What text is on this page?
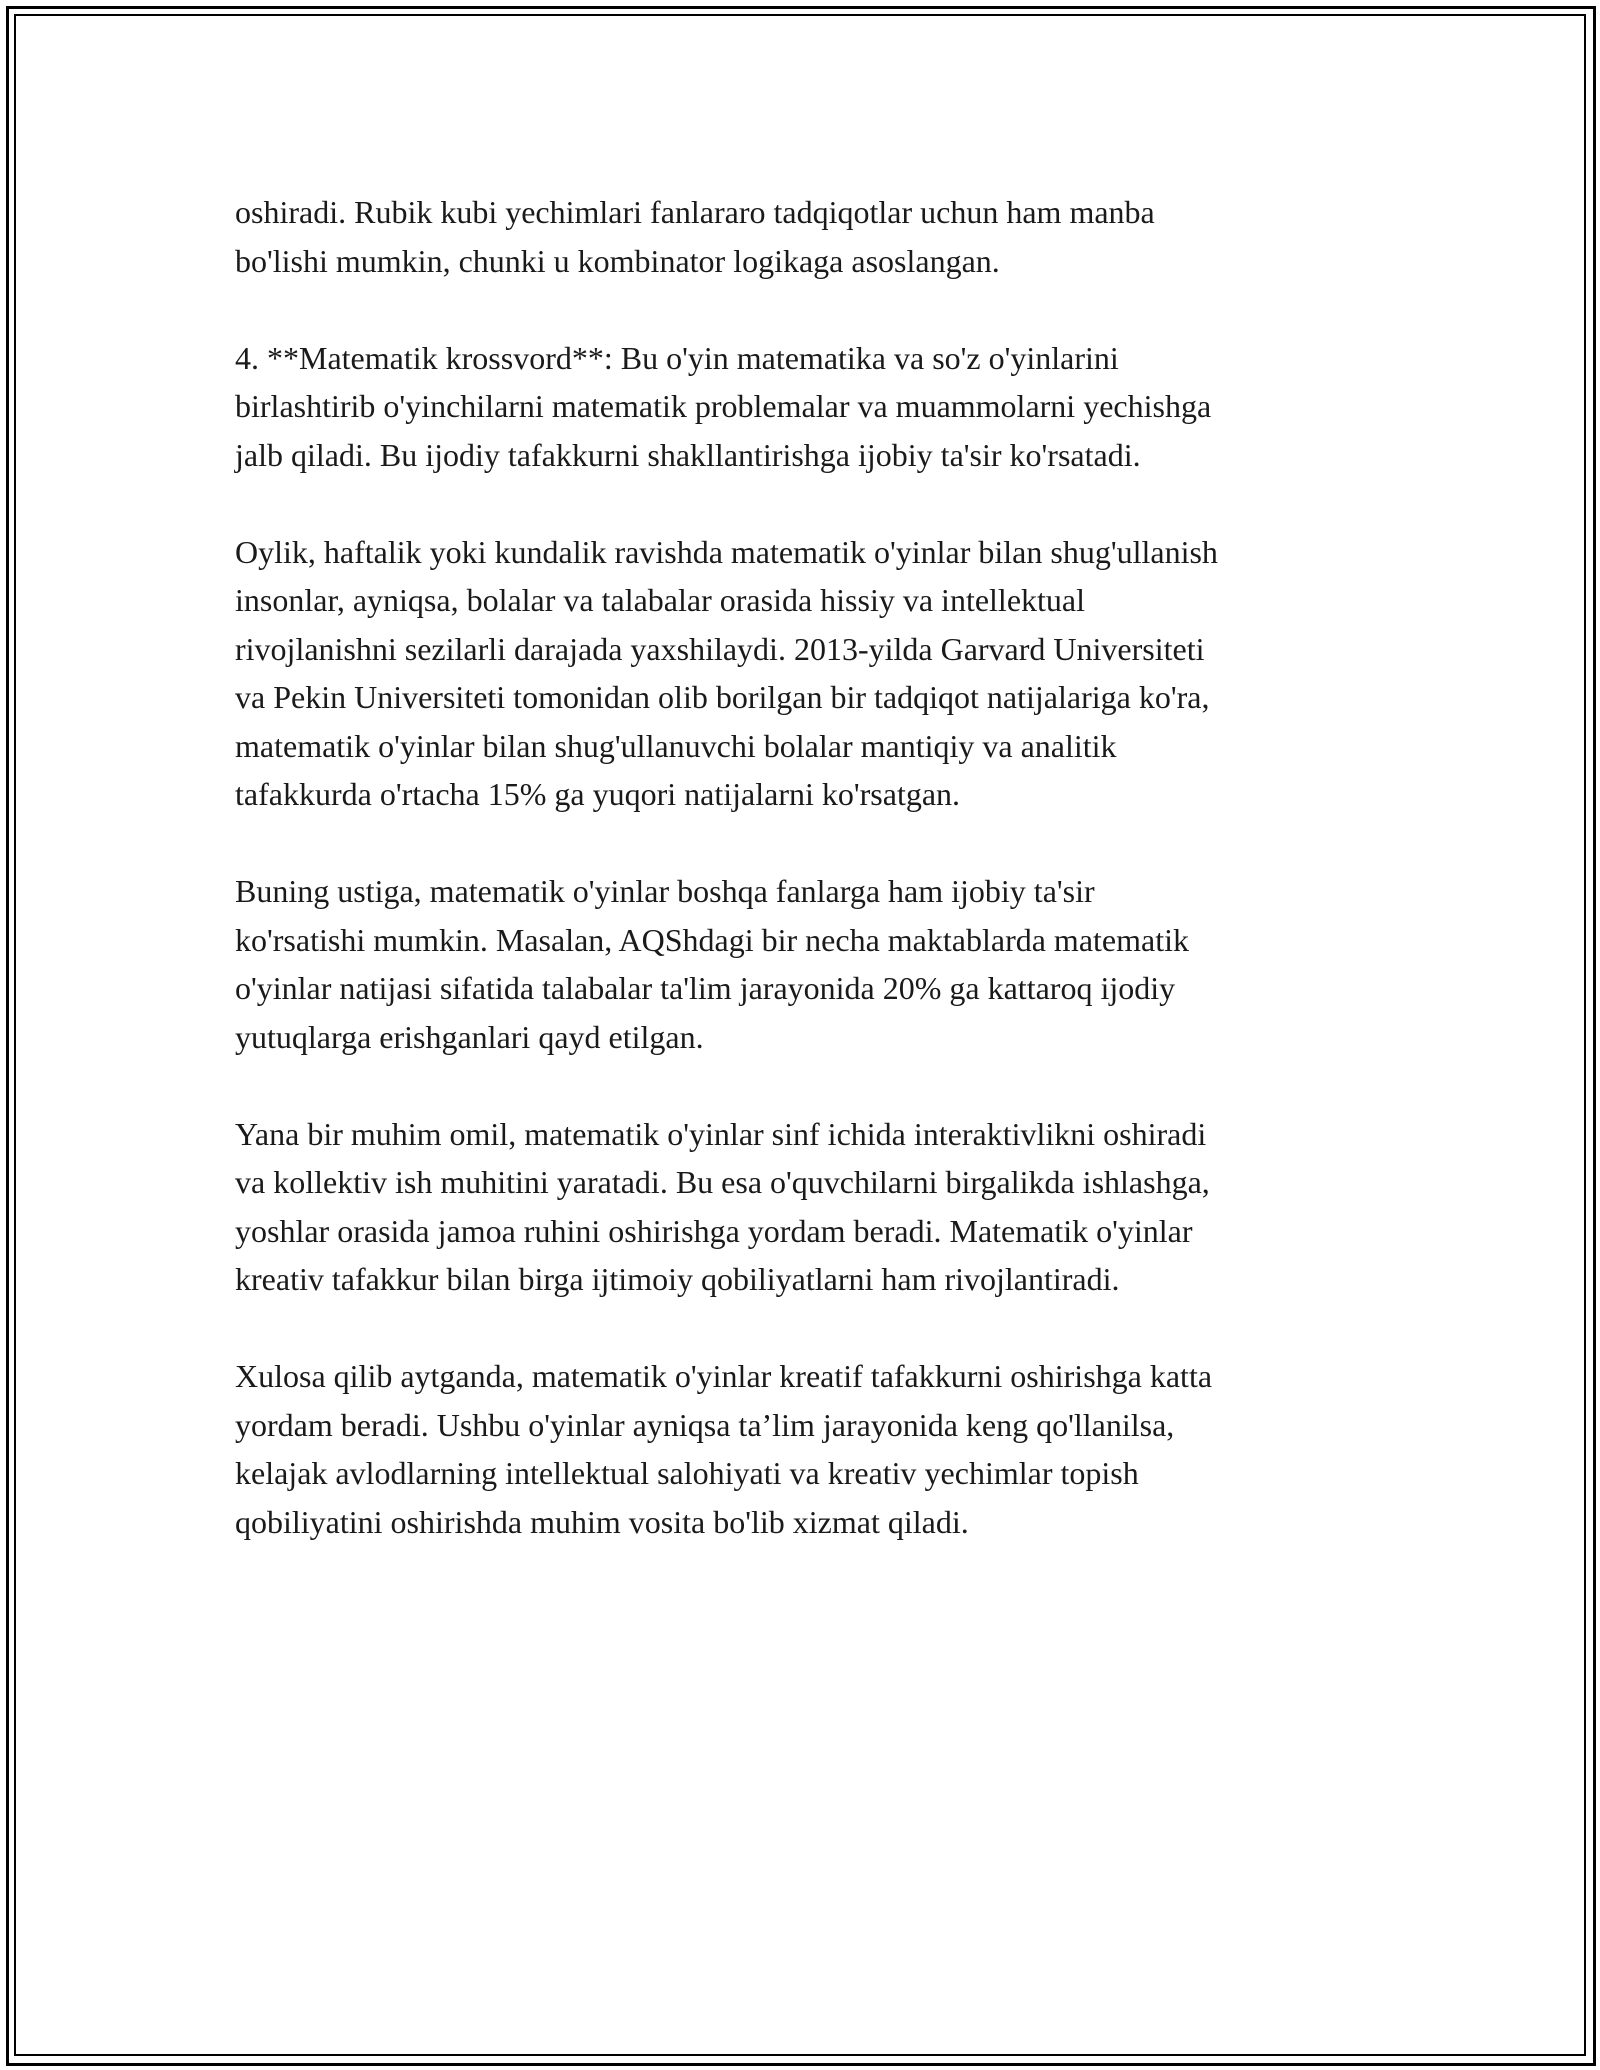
oshiradi. Rubik kubi yechimlari fanlararo tadqiqotlar uchun ham manba
bo'lishi mumkin, chunki u kombinator logikaga asoslangan.

4. **Matematik krossvord**: Bu o'yin matematika va so'z o'yinlarini
birlashtirib o'yinchilarni matematik problemalar va muammolarni yechishga
jalb qiladi. Bu ijodiy tafakkurni shakllantirishga ijobiy ta'sir ko'rsatadi.

Oylik, haftalik yoki kundalik ravishda matematik o'yinlar bilan shug'ullanish
insonlar, ayniqsa, bolalar va talabalar orasida hissiy va intellektual
rivojlanishni sezilarli darajada yaxshilaydi. 2013-yilda Garvard Universiteti
va Pekin Universiteti tomonidan olib borilgan bir tadqiqot natijalariga ko'ra,
matematik o'yinlar bilan shug'ullanuvchi bolalar mantiqiy va analitik
tafakkurda o'rtacha 15% ga yuqori natijalarni ko'rsatgan.

Buning ustiga, matematik o'yinlar boshqa fanlarga ham ijobiy ta'sir
ko'rsatishi mumkin. Masalan, AQShdagi bir necha maktablarda matematik
o'yinlar natijasi sifatida talabalar ta'lim jarayonida 20% ga kattaroq ijodiy
yutuqlarga erishganlari qayd etilgan.

Yana bir muhim omil, matematik o'yinlar sinf ichida interaktivlikni oshiradi
va kollektiv ish muhitini yaratadi. Bu esa o'quvchilarni birgalikda ishlashga,
yoshlar orasida jamoa ruhini oshirishga yordam beradi. Matematik o'yinlar
kreativ tafakkur bilan birga ijtimoiy qobiliyatlarni ham rivojlantiradi.

Xulosa qilib aytganda, matematik o'yinlar kreatif tafakkurni oshirishga katta
yordam beradi. Ushbu o'yinlar ayniqsa ta’lim jarayonida keng qo'llanilsa,
kelajak avlodlarning intellektual salohiyati va kreativ yechimlar topish
qobiliyatini oshirishda muhim vosita bo'lib xizmat qiladi.
